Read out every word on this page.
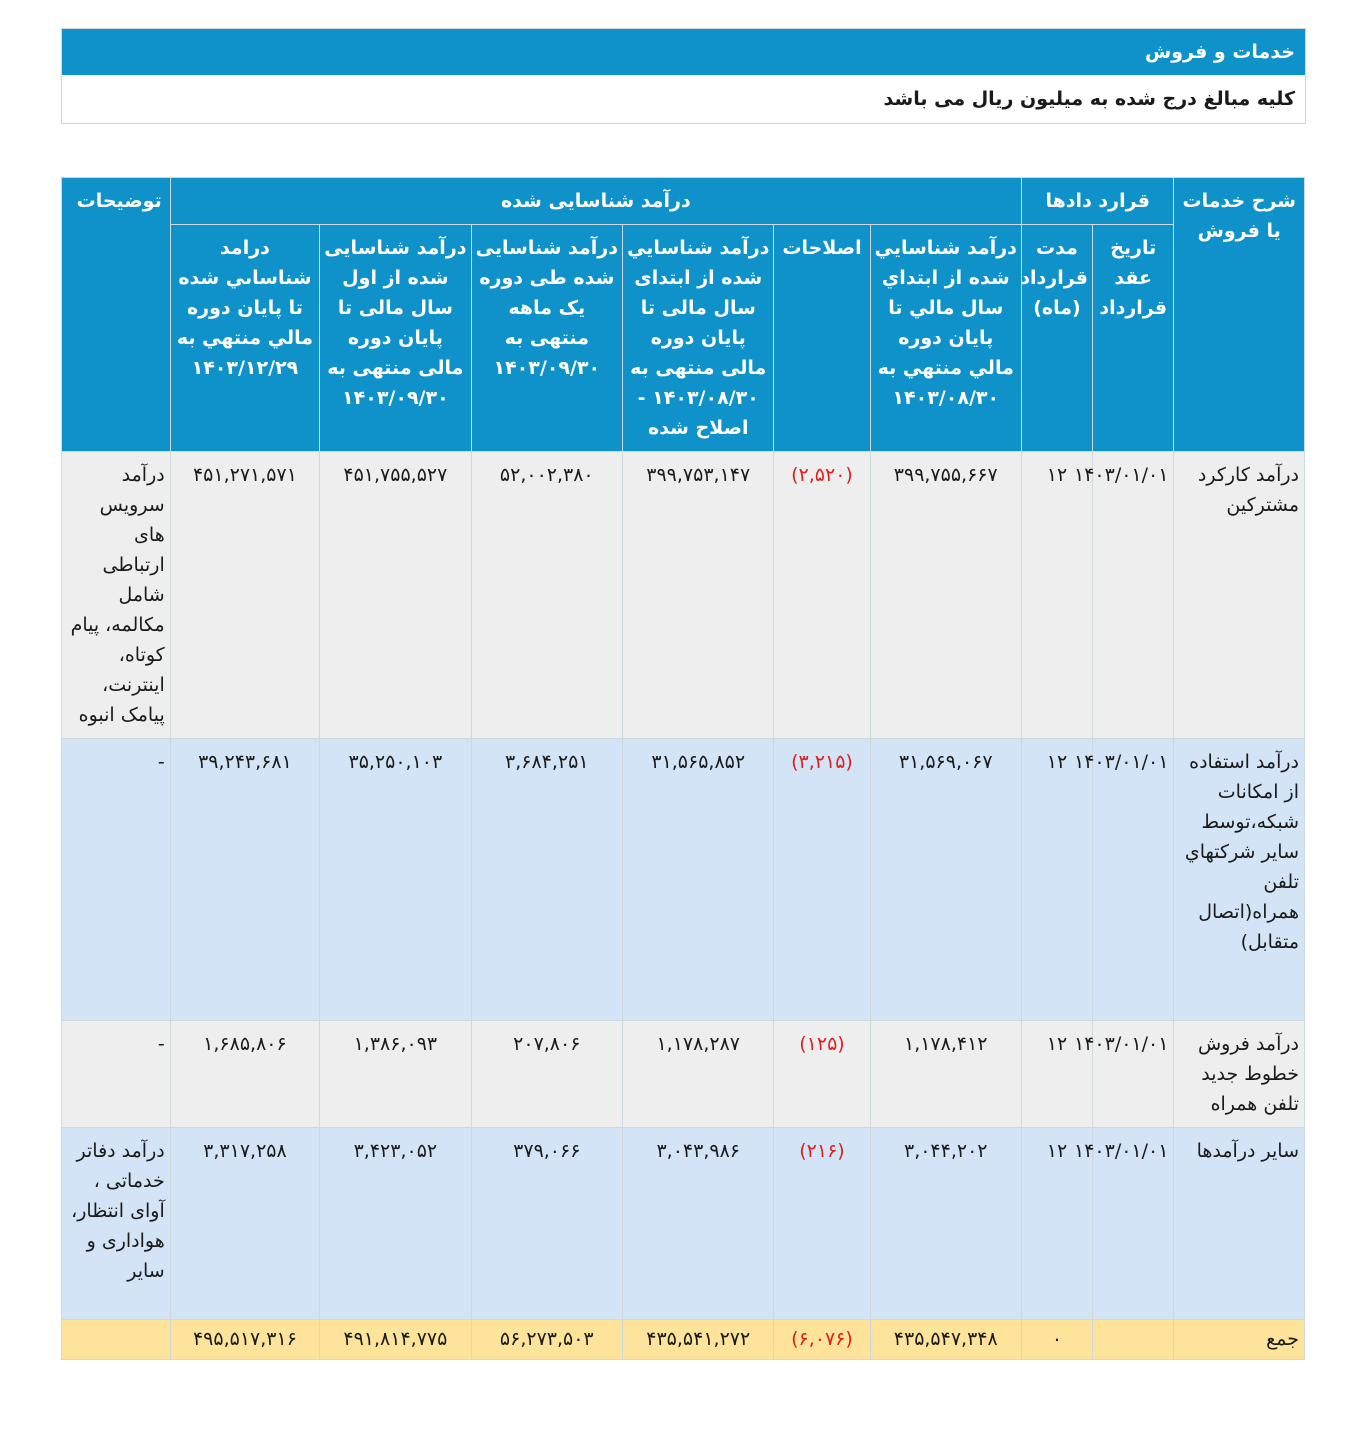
خدمات و فروش
کلیه مبالغ درج شده به میلیون ریال می باشد
شرح خدمات یا فروش	قرارد دادها		درآمد شناسایی شده						توضیحات
	تاریخ عقد قرارداد	مدت قرارداد (ماه)	درآمد شناسايي شده از ابتداي سال مالي تا پایان دوره مالي منتهي به ۱۴۰۳/۰۸/۳۰	اصلاحات	درآمد شناسايي شده از ابتدای سال مالی تا پایان دوره مالی منتهی به ۱۴۰۳/۰۸/۳۰ - اصلاح شده	درآمد شناسایی شده طی دوره یک ماهه منتهی به ۱۴۰۳/۰۹/۳۰	درآمد شناسایی شده از اول سال مالی تا پایان دوره مالی منتهی به ۱۴۰۳/۰۹/۳۰	درامد شناساىي شده تا پايان دوره مالي منتهي به ۱۴۰۳/۱۲/۲۹	
درآمد کارکرد مشترکین	۱۴۰۳/۰۱/۰۱	۱۲	۳۹۹,۷۵۵,۶۶۷	(۲,۵۲۰)	۳۹۹,۷۵۳,۱۴۷	۵۲,۰۰۲,۳۸۰	۴۵۱,۷۵۵,۵۲۷	۴۵۱,۲۷۱,۵۷۱	درآمد سرویس های ارتباطی شامل مکالمه، پیام کوتاه، اینترنت، پیامک انبوه
درآمد استفاده از امکانات شبکه،توسط سایر شرکتهاي تلفن همراه(اتصال متقابل)	۱۴۰۳/۰۱/۰۱	۱۲	۳۱,۵۶۹,۰۶۷	(۳,۲۱۵)	۳۱,۵۶۵,۸۵۲	۳,۶۸۴,۲۵۱	۳۵,۲۵۰,۱۰۳	۳۹,۲۴۳,۶۸۱	-
درآمد فروش خطوط جدید تلفن همراه	۱۴۰۳/۰۱/۰۱	۱۲	۱,۱۷۸,۴۱۲	(۱۲۵)	۱,۱۷۸,۲۸۷	۲۰۷,۸۰۶	۱,۳۸۶,۰۹۳	۱,۶۸۵,۸۰۶	-
سایر درآمدها	۱۴۰۳/۰۱/۰۱	۱۲	۳,۰۴۴,۲۰۲	(۲۱۶)	۳,۰۴۳,۹۸۶	۳۷۹,۰۶۶	۳,۴۲۳,۰۵۲	۳,۳۱۷,۲۵۸	درآمد دفاتر خدماتی ، آوای انتظار، هواداری و سایر
جمع		۰	۴۳۵,۵۴۷,۳۴۸	(۶,۰۷۶)	۴۳۵,۵۴۱,۲۷۲	۵۶,۲۷۳,۵۰۳	۴۹۱,۸۱۴,۷۷۵	۴۹۵,۵۱۷,۳۱۶	
